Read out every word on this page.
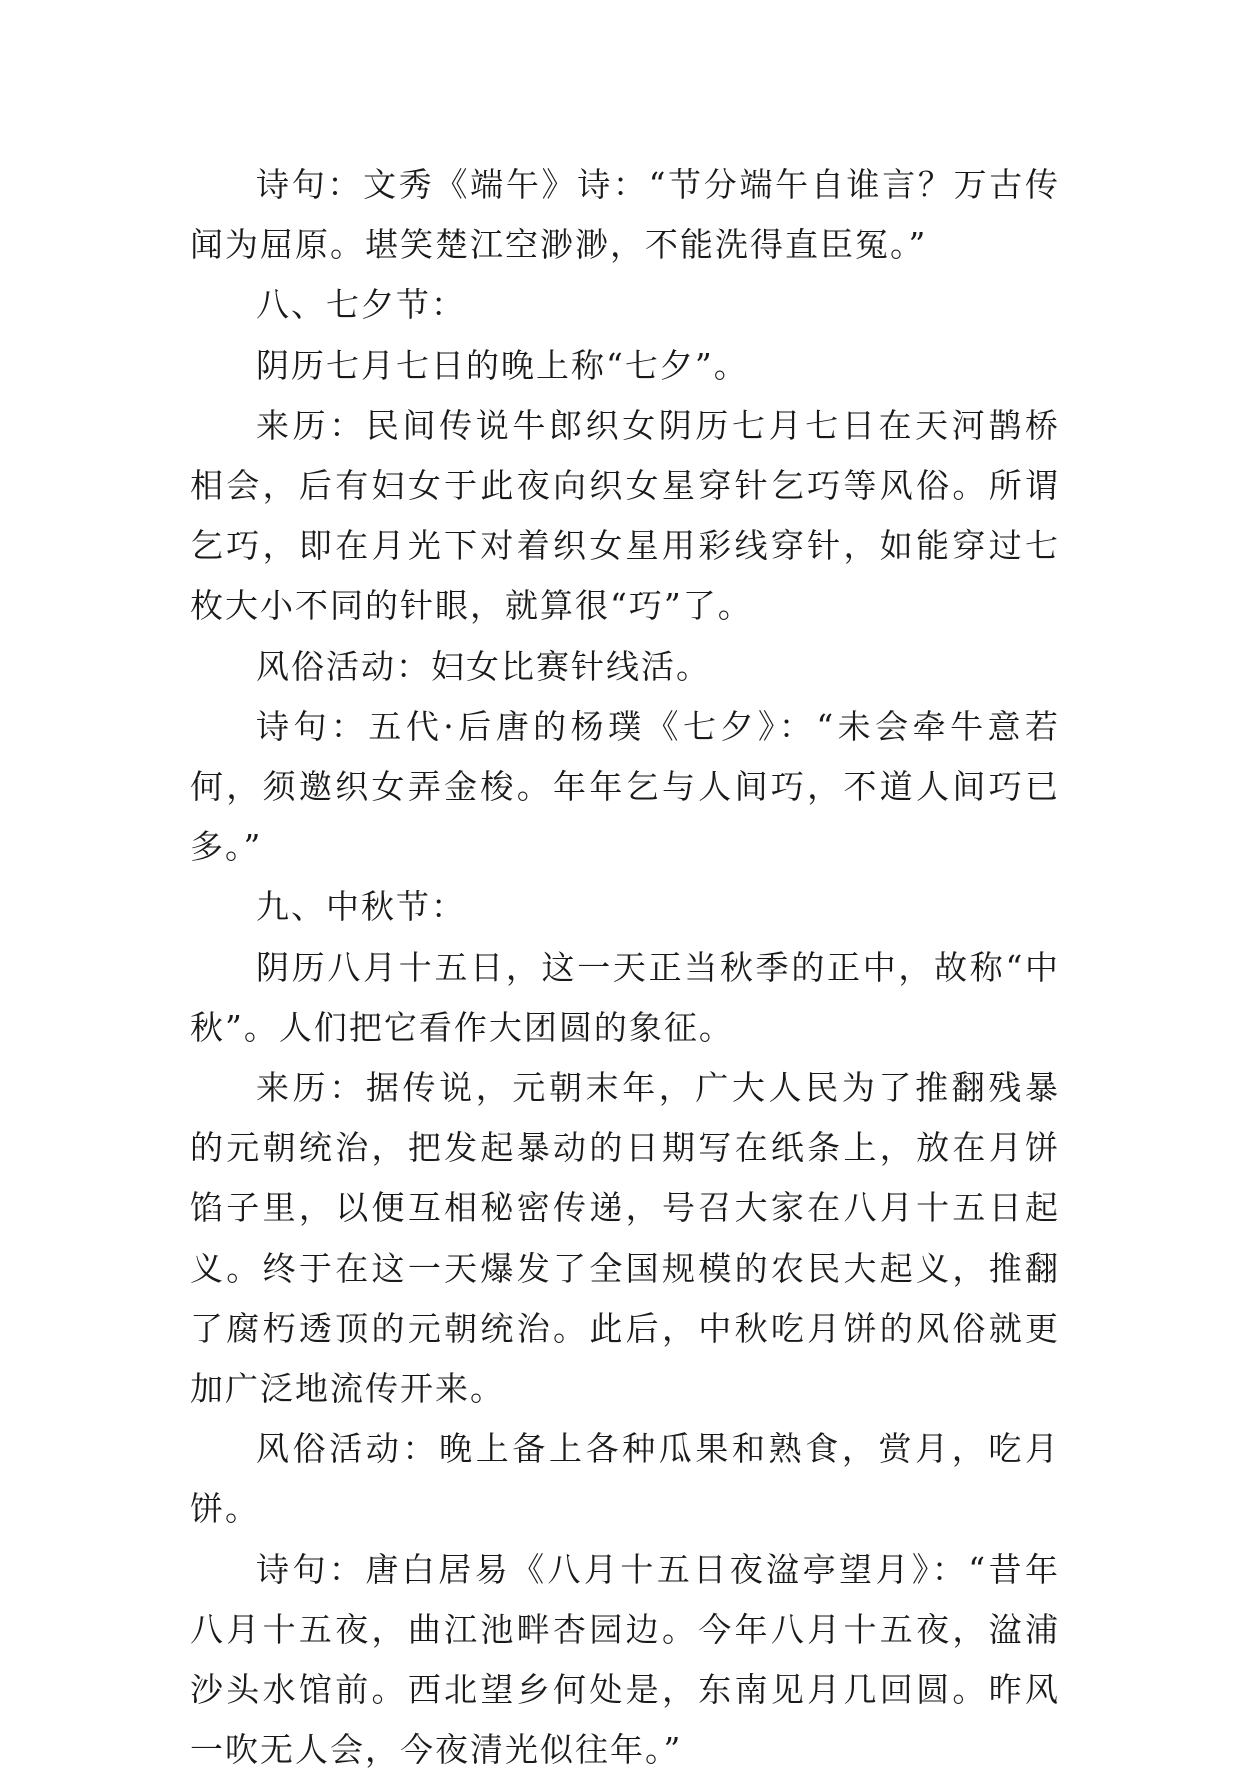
诗句：文秀《端午》诗：“节分端午自谁言？万古传闻为屈原。堪笑楚江空渺渺，不能洗得直臣冤。”

八、七夕节：

阴历七月七日的晚上称“七夕”。

来历：民间传说牛郎织女阴历七月七日在天河鹊桥相会，后有妇女于此夜向织女星穿针乞巧等风俗。所谓乞巧，即在月光下对着织女星用彩线穿针，如能穿过七枚大小不同的针眼，就算很“巧”了。

风俗活动：妇女比赛针线活。

诗句：五代·后唐的杨璞《七夕》：“未会牵牛意若何，须邀织女弄金梭。年年乞与人间巧，不道人间巧已多。”

九、中秋节：

阴历八月十五日，这一天正当秋季的正中，故称“中秋”。人们把它看作大团圆的象征。

来历：据传说，元朝末年，广大人民为了推翻残暴的元朝统治，把发起暴动的日期写在纸条上，放在月饼馅子里，以便互相秘密传递，号召大家在八月十五日起义。终于在这一天爆发了全国规模的农民大起义，推翻了腐朽透顶的元朝统治。此后，中秋吃月饼的风俗就更加广泛地流传开来。

风俗活动：晚上备上各种瓜果和熟食，赏月，吃月饼。

诗句：唐白居易《八月十五日夜湓亭望月》：“昔年八月十五夜，曲江池畔杏园边。今年八月十五夜，湓浦沙头水馆前。西北望乡何处是，东南见月几回圆。昨风一吹无人会，今夜清光似往年。”
